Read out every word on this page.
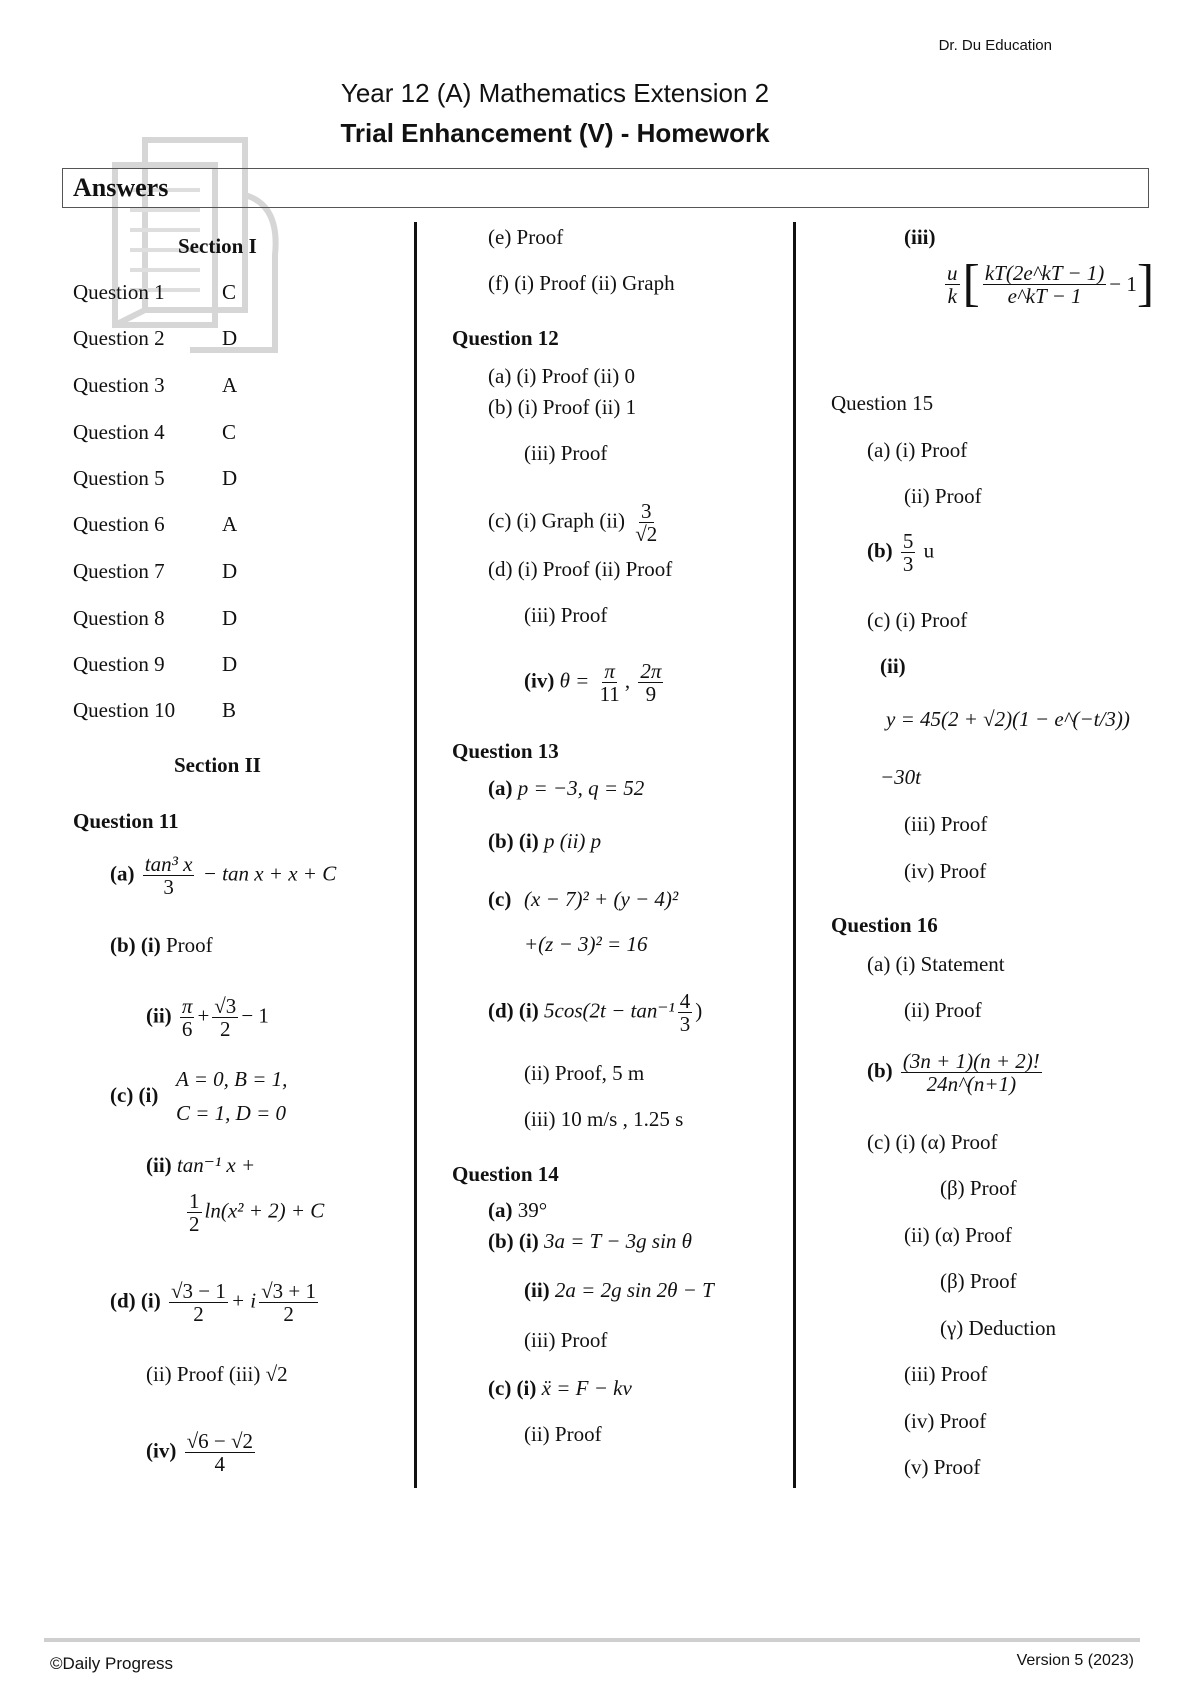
Dr. Du Education
Year 12 (A) Mathematics Extension 2
Trial Enhancement (V) - Homework
Answers
Section I
Question 1	C
Question 2	D
Question 3	A
Question 4	C
Question 5	D
Question 6	A
Question 7	D
Question 8	D
Question 9	D
Question 10 B
Section II
Question 11
$(a) \frac{\text{tan³ x}}{3} - \tan x + x + C$
(b) (i) Proof
$(ii) \frac{\pi}{6} + \frac{√3}{2} - 1$
(c) (i)
A = 0, B = 1,
C = 1, D = 0
(ii) tan⁻¹ x +
$\frac{1}{2} \ln(x^2 + 2) + C$
(d) $(i) \frac{√3 - 1}{2} + i \frac{√3 + 1}{2}$
(ii) Proof (iii) √2
$(iv) \frac{√6 - √2}{4}$
(e) Proof
(f) (i) Proof (ii) Graph
Question 12
(a) (i) Proof (ii) 0
(b) (i) Proof (ii) 1
(iii) Proof
(c) (i) Graph $(ii) \frac{3}{√2}$
(d) (i) Proof (ii) Proof
(iii) Proof
(iv) $\theta = \frac{\pi}{11}$ , $\frac{2\pi}{9}$
Question 13
(a) p = −3, q = 52
(b) (i) p (ii) p
(c) (x − 7)² + (y − 4)²
+(z − 3)² = 16
(d) (i) $5\cos(2t - \tan^{-1} \frac{4}{3}$ )
(ii) Proof, 5 m
(iii) 10 m/s , 1.25 s
Question 14
(a) 39°
(b) (i) 3a = T − 3g sin θ
(ii) 2a = 2g sin 2θ − T
(iii) Proof
(c) (i) ẍ = F − kv
(ii) Proof
(iii)
$\frac{u}{k}$ [ $\frac{kT(2e\^{}kT - 1)}{e\^{}kT - 1} - 1$ ]
Question 15
(a) (i) Proof
(ii) Proof
$(b) \frac{5}{3}$ u
(c) (i) Proof
(ii)
y = 45(2 + √2)(1 − e^(−t/3))
−30t
(iii) Proof
(iv) Proof
Question 16
(a) (i) Statement
(ii) Proof
$(b) \frac{(3n + 1)(n + 2)!}{24n\^{}(n+1)}$
(c) (i) (α) Proof
(β) Proof
(ii) (α) Proof
(β) Proof
(γ) Deduction
(iii) Proof
(iv) Proof
(v) Proof
©Daily Progress	Version 5 (2023)
